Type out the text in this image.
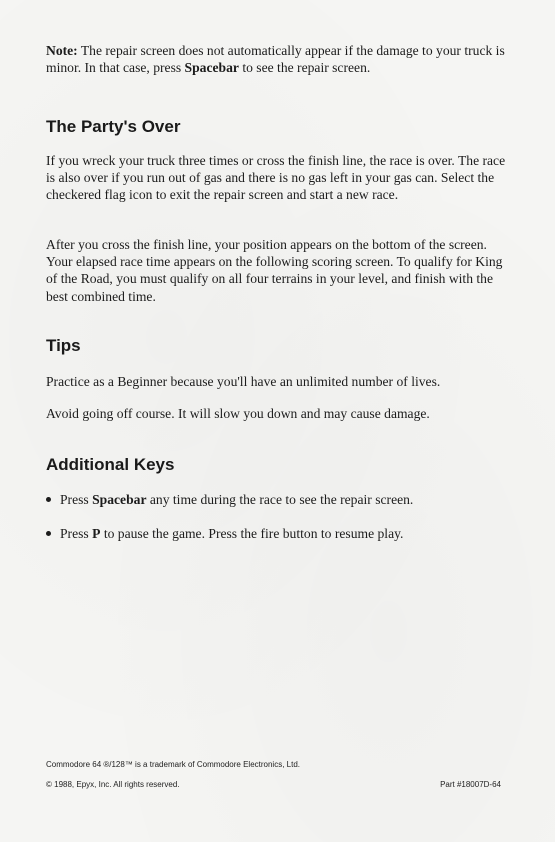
Note: The repair screen does not automatically appear if the damage to your truck is minor. In that case, press Spacebar to see the repair screen.

The Party's Over

If you wreck your truck three times or cross the finish line, the race is over. The race is also over if you run out of gas and there is no gas left in your gas can. Select the checkered flag icon to exit the repair screen and start a new race.

After you cross the finish line, your position appears on the bottom of the screen. Your elapsed race time appears on the following scoring screen. To qualify for King of the Road, you must qualify on all four terrains in your level, and finish with the best combined time.

Tips

Practice as a Beginner because you'll have an unlimited number of lives.

Avoid going off course. It will slow you down and may cause damage.

Additional Keys
Press Spacebar any time during the race to see the repair screen.
Press P to pause the game. Press the fire button to resume play.
Commodore 64 ®/128™ is a trademark of Commodore Electronics, Ltd.
© 1988, Epyx, Inc. All rights reserved.	Part #18007D-64
